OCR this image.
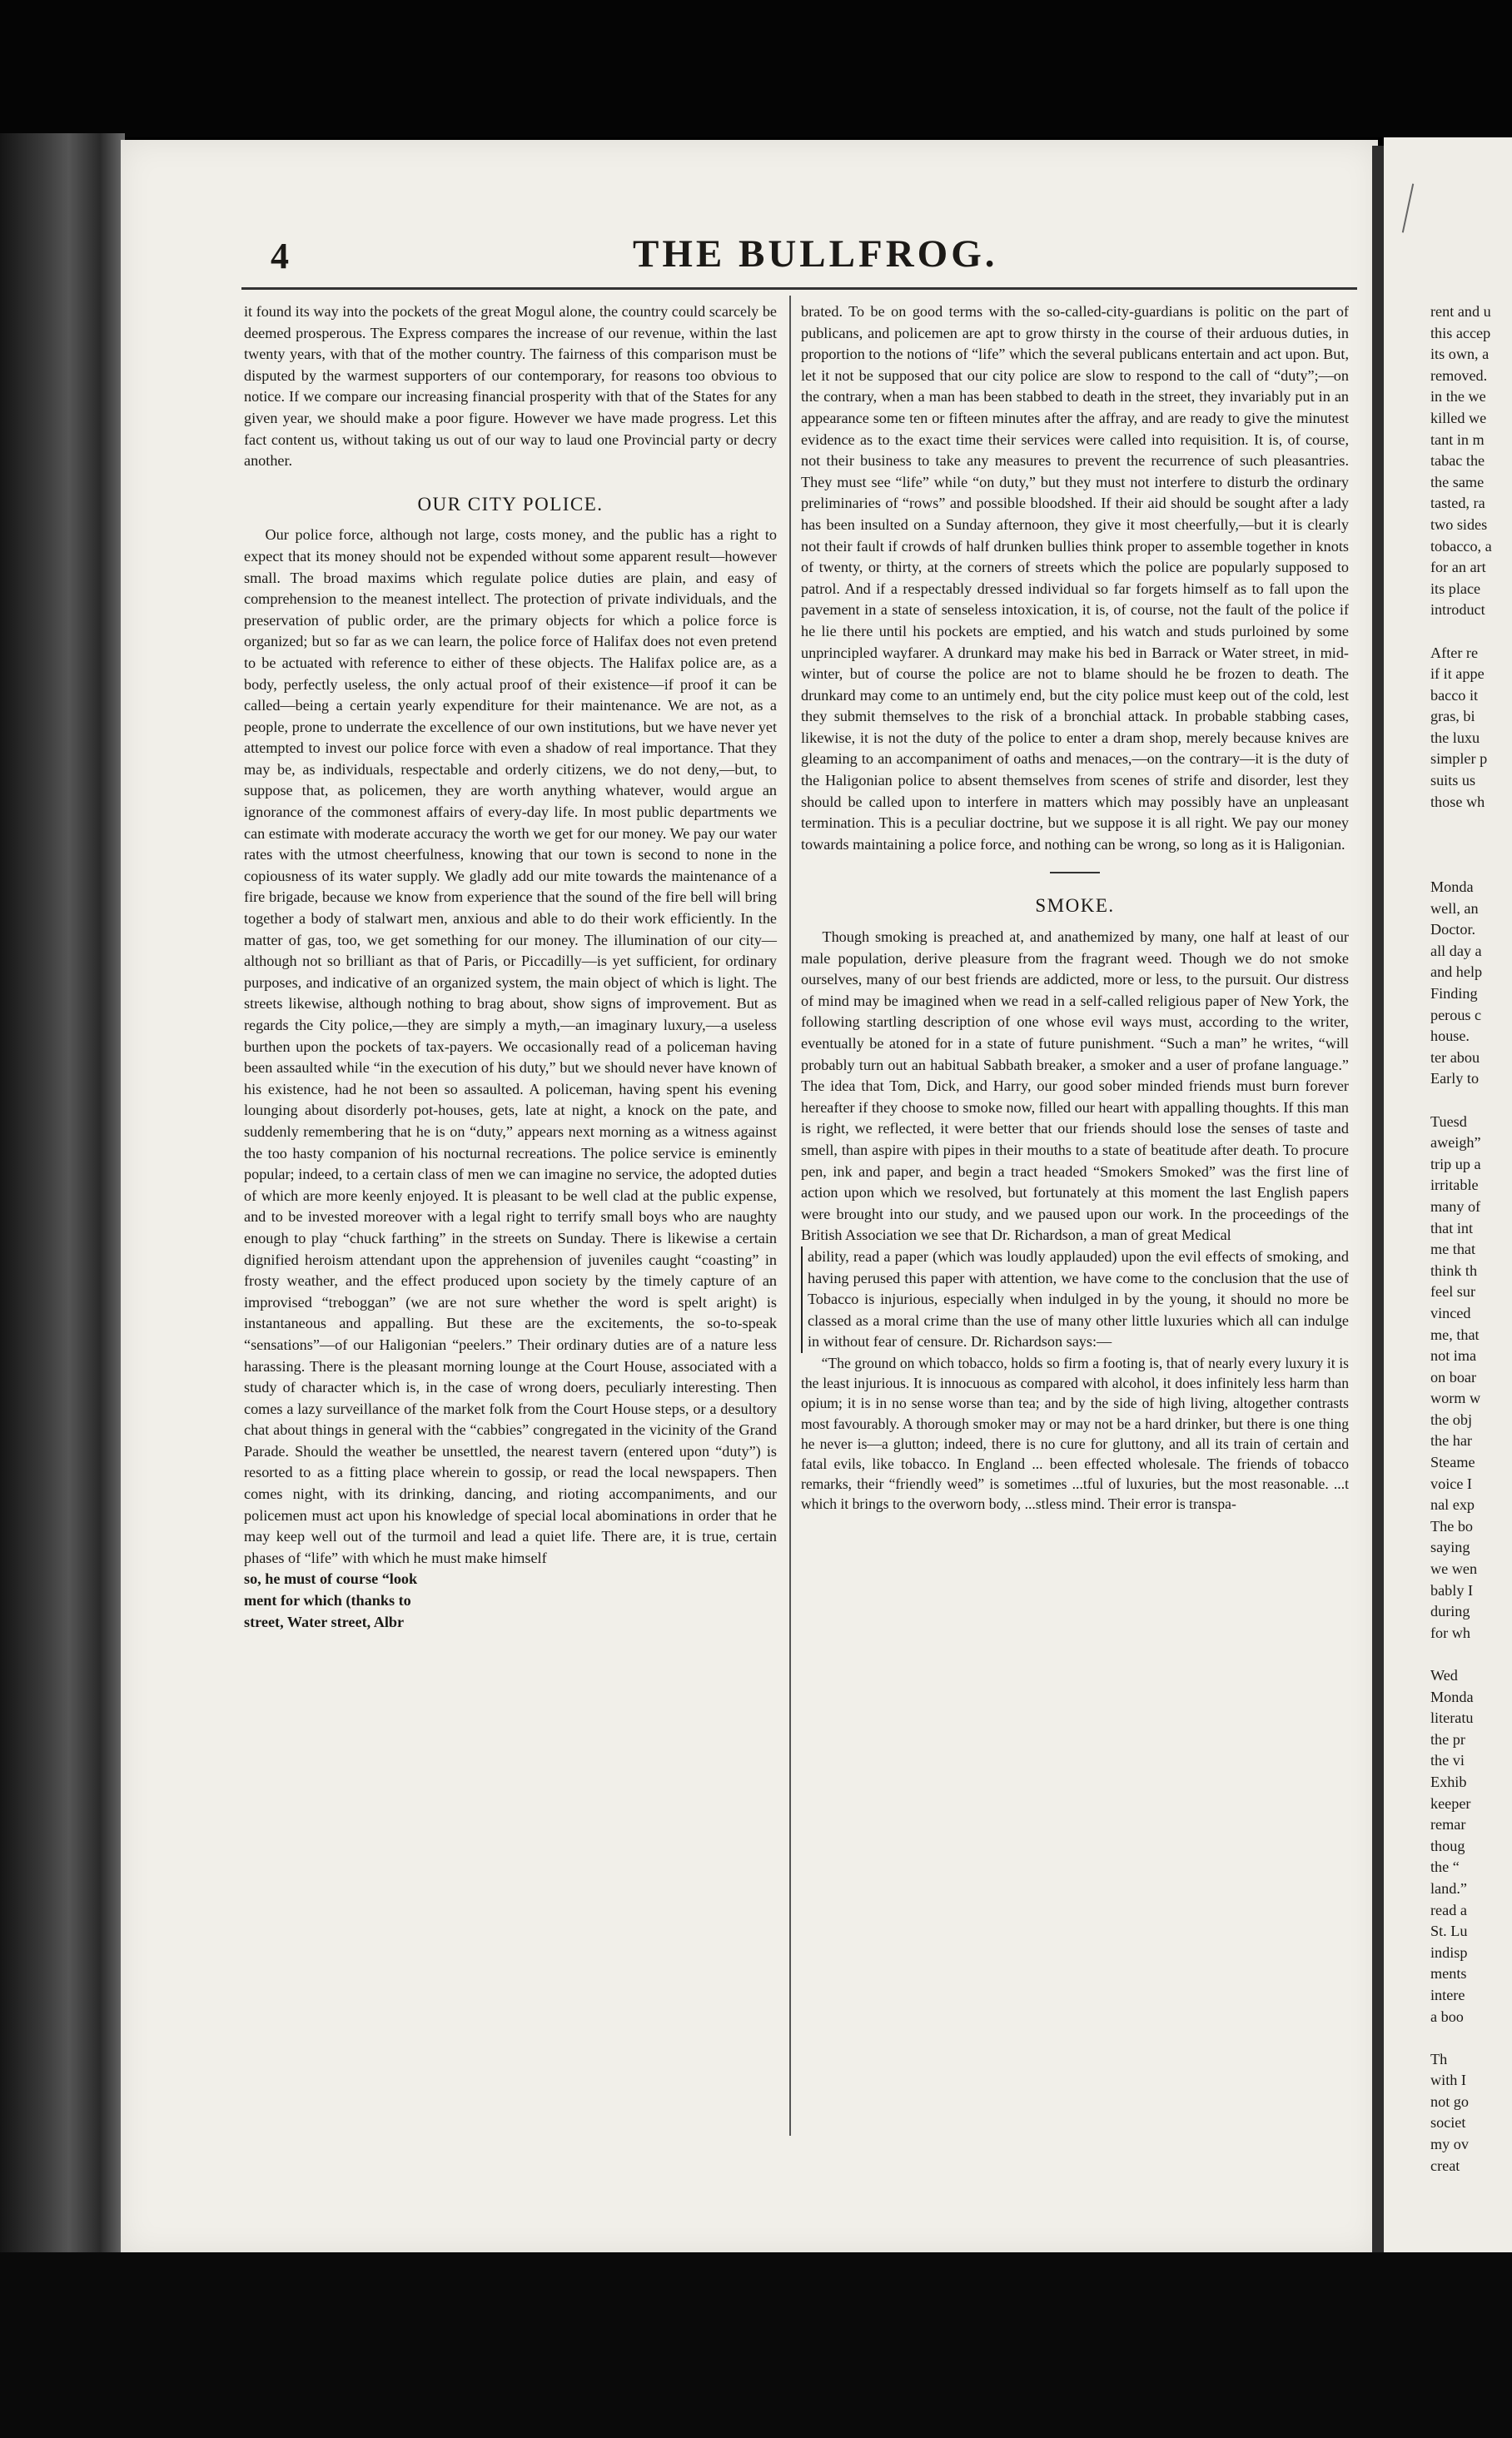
4	THE BULLFROG.

it found its way into the pockets of the great Mogul alone, the country could scarcely be deemed prosperous. The Express compares the increase of our revenue, within the last twenty years, with that of the mother country. The fairness of this comparison must be disputed by the warmest supporters of our contemporary, for reasons too obvious to notice. If we compare our increasing financial prosperity with that of the States for any given year, we should make a poor figure. However we have made progress. Let this fact content us, without taking us out of our way to laud one Provincial party or decry another.

OUR CITY POLICE.

Our police force, although not large, costs money, and the public has a right to expect that its money should not be expended without some apparent result—however small. The broad maxims which regulate police duties are plain, and easy of comprehension to the meanest intellect. The protection of private individuals, and the preservation of public order, are the primary objects for which a police force is organized; but so far as we can learn, the police force of Halifax does not even pretend to be actuated with reference to either of these objects. The Halifax police are, as a body, perfectly useless, the only actual proof of their existence—if proof it can be called—being a certain yearly expenditure for their maintenance. We are not, as a people, prone to underrate the excellence of our own institutions, but we have never yet attempted to invest our police force with even a shadow of real importance. That they may be, as individuals, respectable and orderly citizens, we do not deny,—but, to suppose that, as policemen, they are worth anything whatever, would argue an ignorance of the commonest affairs of every-day life. In most public departments we can estimate with moderate accuracy the worth we get for our money. We pay our water rates with the utmost cheerfulness, knowing that our town is second to none in the copiousness of its water supply. We gladly add our mite towards the maintenance of a fire brigade, because we know from experience that the sound of the fire bell will bring together a body of stalwart men, anxious and able to do their work efficiently. In the matter of gas, too, we get something for our money. The illumination of our city—although not so brilliant as that of Paris, or Piccadilly—is yet sufficient, for ordinary purposes, and indicative of an organized system, the main object of which is light. The streets likewise, although nothing to brag about, show signs of improvement. But as regards the City police,—they are simply a myth,—an imaginary luxury,—a useless burthen upon the pockets of tax-payers. We occasionally read of a policeman having been assaulted while “in the execution of his duty,” but we should never have known of his existence, had he not been so assaulted. A policeman, having spent his evening lounging about disorderly pot-houses, gets, late at night, a knock on the pate, and suddenly remembering that he is on “duty,” appears next morning as a witness against the too hasty companion of his nocturnal recreations. The police service is eminently popular; indeed, to a certain class of men we can imagine no service, the adopted duties of which are more keenly enjoyed. It is pleasant to be well clad at the public expense, and to be invested moreover with a legal right to terrify small boys who are naughty enough to play “chuck farthing” in the streets on Sunday. There is likewise a certain dignified heroism attendant upon the apprehension of juveniles caught “coasting” in frosty weather, and the effect produced upon society by the timely capture of an improvised “treboggan” (we are not sure whether the word is spelt aright) is instantaneous and appalling. But these are the excitements, the so-to-speak “sensations”—of our Haligonian “peelers.” Their ordinary duties are of a nature less harassing. There is the pleasant morning lounge at the Court House, associated with a study of character which is, in the case of wrong doers, peculiarly interesting. Then comes a lazy surveillance of the market folk from the Court House steps, or a desultory chat about things in general with the “cabbies” congregated in the vicinity of the Grand Parade. Should the weather be unsettled, the nearest tavern (entered upon “duty”) is resorted to as a fitting place wherein to gossip, or read the local newspapers. Then comes night, with its drinking, dancing, and rioting accompaniments, and our policemen must act upon his knowledge of special local abominations in order that he may keep well out of the turmoil and lead a quiet life. There are, it is true, certain phases of “life” with which he must make himself

so, he must of course “look
ment for which (thanks to
street, Water street, Albr

brated. To be on good terms with the so-called-city-guardians is politic on the part of publicans, and policemen are apt to grow thirsty in the course of their arduous duties, in proportion to the notions of “life” which the several publicans entertain and act upon. But, let it not be supposed that our city police are slow to respond to the call of “duty”;—on the contrary, when a man has been stabbed to death in the street, they invariably put in an appearance some ten or fifteen minutes after the affray, and are ready to give the minutest evidence as to the exact time their services were called into requisition. It is, of course, not their business to take any measures to prevent the recurrence of such pleasantries. They must see “life” while “on duty,” but they must not interfere to disturb the ordinary preliminaries of “rows” and possible bloodshed. If their aid should be sought after a lady has been insulted on a Sunday afternoon, they give it most cheerfully,—but it is clearly not their fault if crowds of half drunken bullies think proper to assemble together in knots of twenty, or thirty, at the corners of streets which the police are popularly supposed to patrol. And if a respectably dressed individual so far forgets himself as to fall upon the pavement in a state of senseless intoxication, it is, of course, not the fault of the police if he lie there until his pockets are emptied, and his watch and studs purloined by some unprincipled wayfarer. A drunkard may make his bed in Barrack or Water street, in mid-winter, but of course the police are not to blame should he be frozen to death. The drunkard may come to an untimely end, but the city police must keep out of the cold, lest they submit themselves to the risk of a bronchial attack. In probable stabbing cases, likewise, it is not the duty of the police to enter a dram shop, merely because knives are gleaming to an accompaniment of oaths and menaces,—on the contrary—it is the duty of the Haligonian police to absent themselves from scenes of strife and disorder, lest they should be called upon to interfere in matters which may possibly have an unpleasant termination. This is a peculiar doctrine, but we suppose it is all right. We pay our money towards maintaining a police force, and nothing can be wrong, so long as it is Haligonian.

SMOKE.

Though smoking is preached at, and anathemized by many, one half at least of our male population, derive pleasure from the fragrant weed. Though we do not smoke ourselves, many of our best friends are addicted, more or less, to the pursuit. Our distress of mind may be imagined when we read in a self-called religious paper of New York, the following startling description of one whose evil ways must, according to the writer, eventually be atoned for in a state of future punishment. “Such a man” he writes, “will probably turn out an habitual Sabbath breaker, a smoker and a user of profane language.” The idea that Tom, Dick, and Harry, our good sober minded friends must burn forever hereafter if they choose to smoke now, filled our heart with appalling thoughts. If this man is right, we reflected, it were better that our friends should lose the senses of taste and smell, than aspire with pipes in their mouths to a state of beatitude after death. To procure pen, ink and paper, and begin a tract headed “Smokers Smoked” was the first line of action upon which we resolved, but fortunately at this moment the last English papers were brought into our study, and we paused upon our work. In the proceedings of the British Association we see that Dr. Richardson, a man of great Medical

ability, read a paper (which was loudly applauded) upon the evil effects of smoking, and having perused this paper with attention, we have come to the conclusion that the use of Tobacco is injurious, especially when indulged in by the young, it should no more be classed as a moral crime than the use of many other little luxuries which all can indulge in without fear of censure. Dr. Richardson says:—

“The ground on which tobacco, holds so firm a footing is, that of nearly every luxury it is the least injurious. It is innocuous as compared with alcohol, it does infinitely less harm than opium; it is in no sense worse than tea; and by the side of high living, altogether contrasts most favourably. A thorough smoker may or may not be a hard drinker, but there is one thing he never is—a glutton; indeed, there is no cure for gluttony, and all its train of certain and fatal evils, like tobacco. In England ... been effected wholesale. The friends of tobacco remarks, their “friendly weed” is sometimes ...tful of luxuries, but the most reasonable. ...t which it brings to the overworn body, ...stless mind. Their error is transpa-

rent and u
this accep
its own, a
removed.
in the we
killed we
tant in m
tabac the
the same
tasted, ra
two sides
tobacco, a
for an art
its place
introduct
After re
if it appe
bacco it
gras, bi
the luxu
simpler p
suits us
those wh
Monda
well, an
Doctor.
all day a
and help
Finding
perous c
house.
ter abou
Early to
Tuesd
aweigh”
trip up a
irritable
many of
that int
me that
think th
feel sur
vinced
me, that
not ima
on boar
worm w
the obj
the har
Steame
voice I
nal exp
The bo
saying
we wen
bably I
during
for wh
Wed
Monda
literatu
the pr
the vi
Exhib
keeper
remar
thoug
the “
land.”
read a
St. Lu
indisp
ments
intere
a boo
Th
with I
not go
societ
my ov
creat
